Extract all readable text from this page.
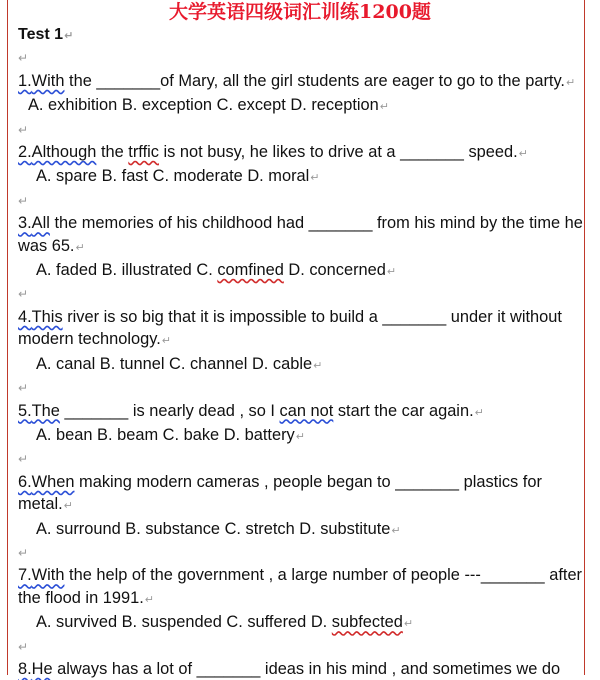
大学英语四级词汇训练1200题
Test 1↵
↵
1.With the _______of Mary, all the girl students are eager to go to the party.↵
A. exhibition B. exception C. except D. reception↵
↵
2.Although the trffic is not busy, he likes to drive at a _______ speed.↵
A. spare B. fast C. moderate D. moral↵
↵
3.All the memories of his childhood had _______ from his mind by the time he was 65.↵
A. faded B. illustrated C. comfined D. concerned↵
↵
4.This river is so big that it is impossible to build a _______ under it without modern technology.↵
A. canal B. tunnel C. channel D. cable↵
↵
5.The _______ is nearly dead , so I can not start the car again.↵
A. bean B. beam C. bake D. battery↵
↵
6.When making modern cameras , people began to _______ plastics for metal.↵
A. surround B. substance C. stretch D. substitute↵
↵
7.With the help of the government , a large number of people ---_______ after the flood in 1991.↵
A. survived B. suspended C. suffered D. subfected↵
↵
8.He always has a lot of _______ ideas in his mind , and sometimes we do
